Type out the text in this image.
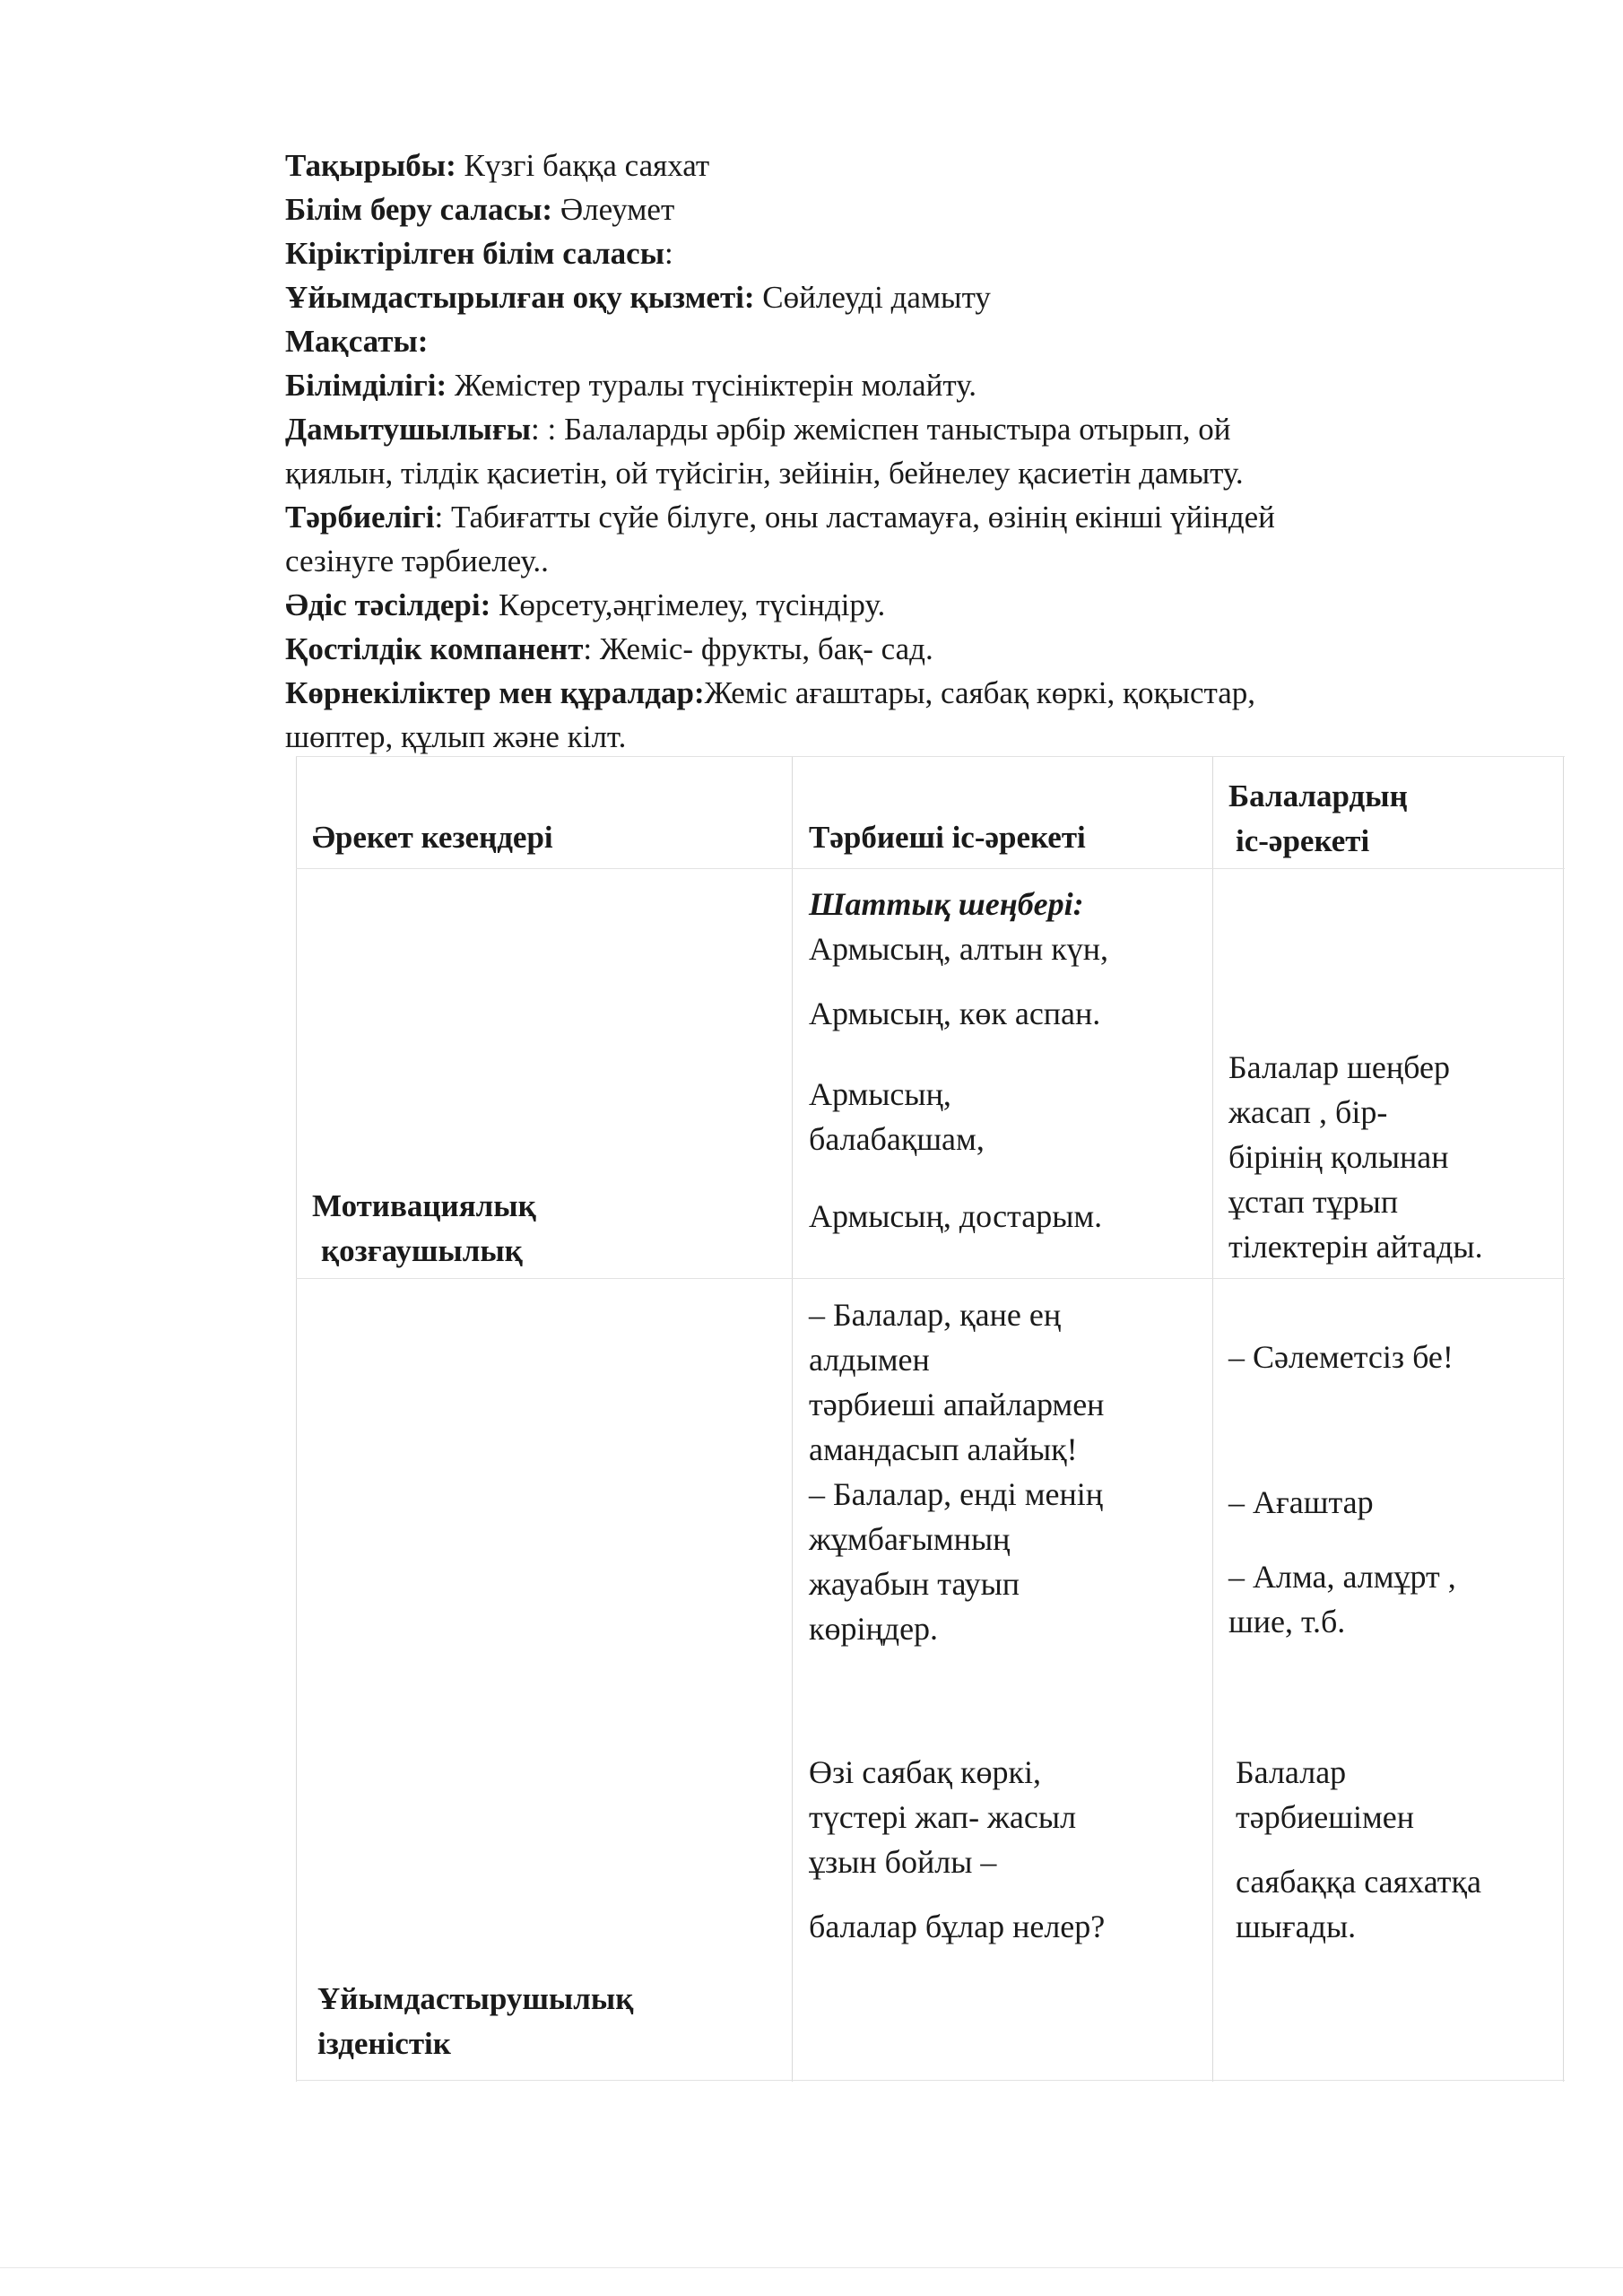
Тақырыбы: Күзгі баққа саяхат

Білім беру саласы: Әлеумет

Кіріктірілген білім саласы:

Ұйымдастырылған оқу қызметі: Сөйлеуді дамыту

Мақсаты:

Білімділігі: Жемістер туралы түсініктерін молайту.

Дамытушылығы: : Балаларды әрбір жеміспен таныстыра отырып, ой

қиялын, тілдік қасиетін, ой түйсігін, зейінін, бейнелеу қасиетін дамыту.

Тәрбиелігі: Табиғатты сүйе білуге, оны ластамауға, өзінің екінші үйіндей

сезінуге тәрбиелеу..

Әдіс тәсілдері: Көрсету,әңгімелеу, түсіндіру.

Қостілдік компанент: Жеміс- фрукты, бақ- сад.

Көрнекіліктер мен құралдар:Жеміс ағаштары, саябақ көркі, қоқыстар,

шөптер, құлып және кілт.

Әрекет кезеңдері	Тәрбиеші іс-әрекеті
Балалардың
іс-әрекеті
Мотивациялық
қозғаушылық
Ұйымдастырушылық
ізденістік
Шаттық шеңбері:
Армысың, алтын күн,
Армысың, көк аспан.
Армысың,
балабақшам,
Армысың, достарым.
Балалар шеңбер
жасап , бір-
бірінің қолынан
ұстап тұрып
тілектерін айтады.
– Балалар, қане ең
алдымен
тәрбиеші апайлармен
амандасып алайық!
– Балалар, енді менің
жұмбағымның
жауабын тауып
көріңдер.
Өзі саябақ көркі,
түстері жап- жасыл
ұзын бойлы –
балалар бұлар нелер?
– Сәлеметсіз бе!
– Ағаштар
– Алма, алмұрт ,
шие, т.б.
Балалар
тәрбиешімен
саябаққа саяхатқа
шығады.
